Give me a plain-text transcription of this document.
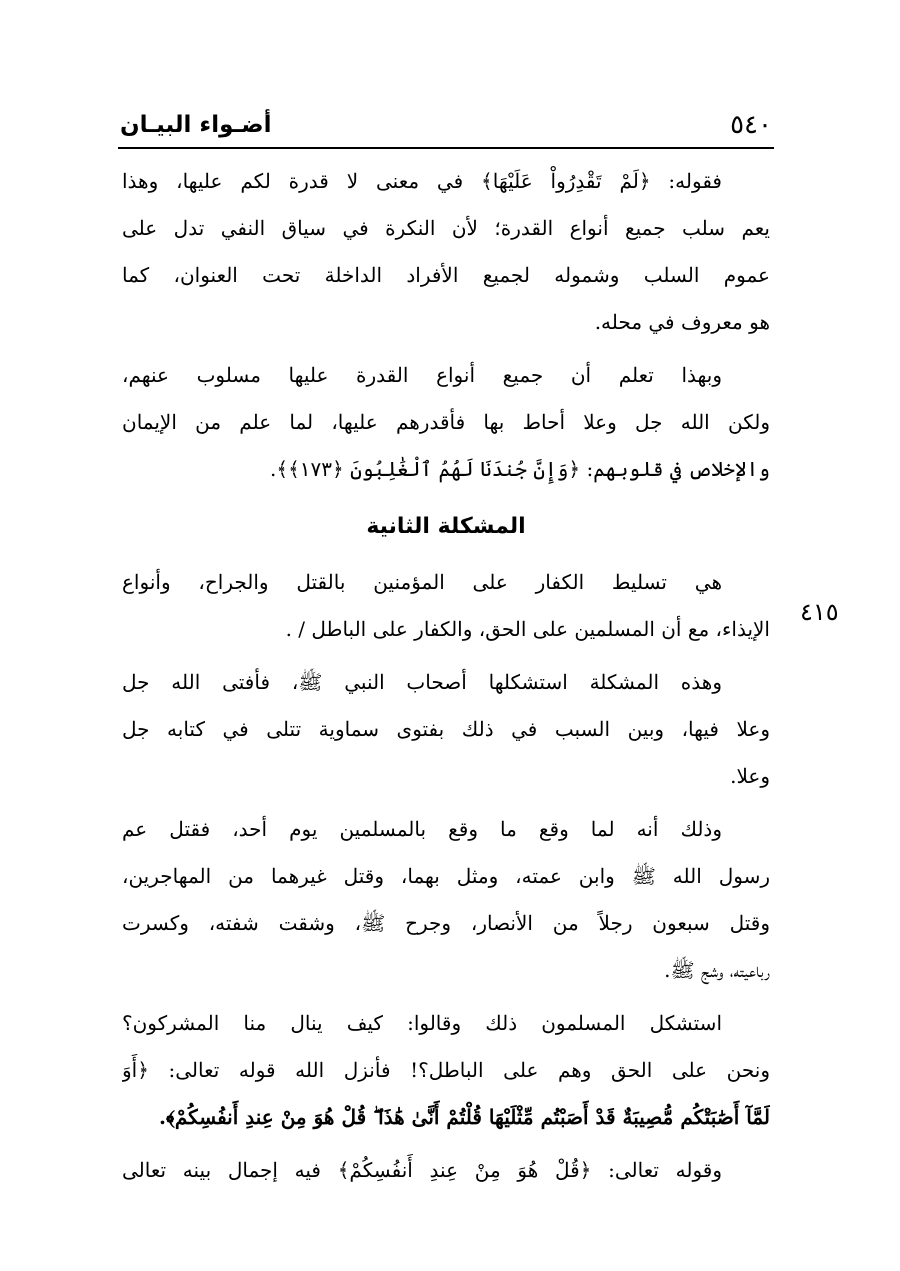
٥٤٠
أضـواء البيـان
٤١٥
فقوله: ﴿لَمْ تَقْدِرُواْ عَلَيْهَا﴾ في معنى لا قدرة لكم عليها، وهذا
يعم سلب جميع أنواع القدرة؛ لأن النكرة في سياق النفي تدل على
عموم السلب وشموله لجميع الأفراد الداخلة تحت العنوان، كما
هو معروف في محله.
وبهذا تعلم أن جميع أنواع القدرة عليها مسلوب عنهم،
ولكن الله جل وعلا أحاط بها فأقدرهم عليها، لما علم من الإيمان
والإخلاص في قلوبهم: ﴿وَإِنَّ جُندَنَا لَهُمُ ٱلْغَٰلِبُونَ ﴿١٧٣﴾﴾.
المشكلة الثانية
هي تسليط الكفار على المؤمنين بالقتل والجراح، وأنواع
الإيذاء، مع أن المسلمين على الحق، والكفار على الباطل / .
وهذه المشكلة استشكلها أصحاب النبي ﷺ، فأفتى الله جل
وعلا فيها، وبين السبب في ذلك بفتوى سماوية تتلى في كتابه جل
وعلا.
وذلك أنه لما وقع ما وقع بالمسلمين يوم أحد، فقتل عم
رسول الله ﷺ وابن عمته، ومثل بهما، وقتل غيرهما من المهاجرين،
وقتل سبعون رجلاً من الأنصار، وجرح ﷺ، وشقت شفته، وكسرت
رباعيته، وشج ﷺ.
استشكل المسلمون ذلك وقالوا: كيف ينال منا المشركون؟
ونحن على الحق وهم على الباطل؟! فأنزل الله قوله تعالى: ﴿أَوَ
لَمَّآ أَصَٰبَتْكُم مُّصِيبَةٌ قَدْ أَصَبْتُم مِّثْلَيْهَا قُلْتُمْ أَنَّىٰ هَٰذَا ۖ قُلْ هُوَ مِنْ عِندِ أَنفُسِكُمْ﴾.
وقوله تعالى: ﴿قُلْ هُوَ مِنْ عِندِ أَنفُسِكُمْ﴾ فيه إجمال بينه تعالى
